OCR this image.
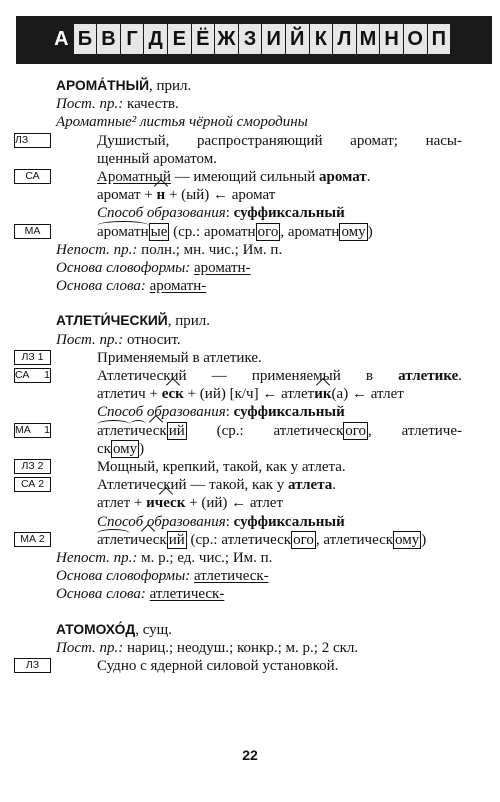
А Б В Г Д Е Ё Ж З И Й К Л М Н О П
АРОМА́ТНЫЙ, прил.
Пост. пр.: качеств.
Ароматные² листья чёрной смородины
ЛЗ	Душистый, распространяющий аромат; насы-
щенный ароматом.
СА	Ароматный — имеющий сильный аромат.
аромат + н + (ый) ← аромат
Способ образования: суффиксальный
МА	ароматн ые (ср.: ароматн ого , ароматн ому )
Непост. пр.: полн.; мн. чис.; Им. п.
Основа словоформы: ароматн-
Основа слова: ароматн-
АТЛЕТИ́ЧЕСКИЙ, прил.
Пост. пр.: относит.
ЛЗ 1	Применяемый в атлетике.
СА 1	Атлетический — применяемый в атлетике.
атлетич + еск + (ий) [к/ч] ← атлетик(а) ← атлет
Способ образования: суффиксальный
МА 1	атлетическ ий (ср.: атлетическ ого , атлетиче-
ск ому )
ЛЗ 2	Мощный, крепкий, такой, как у атлета.
СА 2	Атлетический — такой, как у атлета.
атлет + ическ + (ий) ← атлет
Способ образования: суффиксальный
МА 2	атлетическ ий (ср.: атлетическ ого , атлетическ ому )
Непост. пр.: м. р.; ед. чис.; Им. п.
Основа словоформы: атлетическ-
Основа слова: атлетическ-
АТОМОХО́Д, сущ.
Пост. пр.: нариц.; неодуш.; конкр.; м. р.; 2 скл.
ЛЗ	Судно с ядерной силовой установкой.
22
